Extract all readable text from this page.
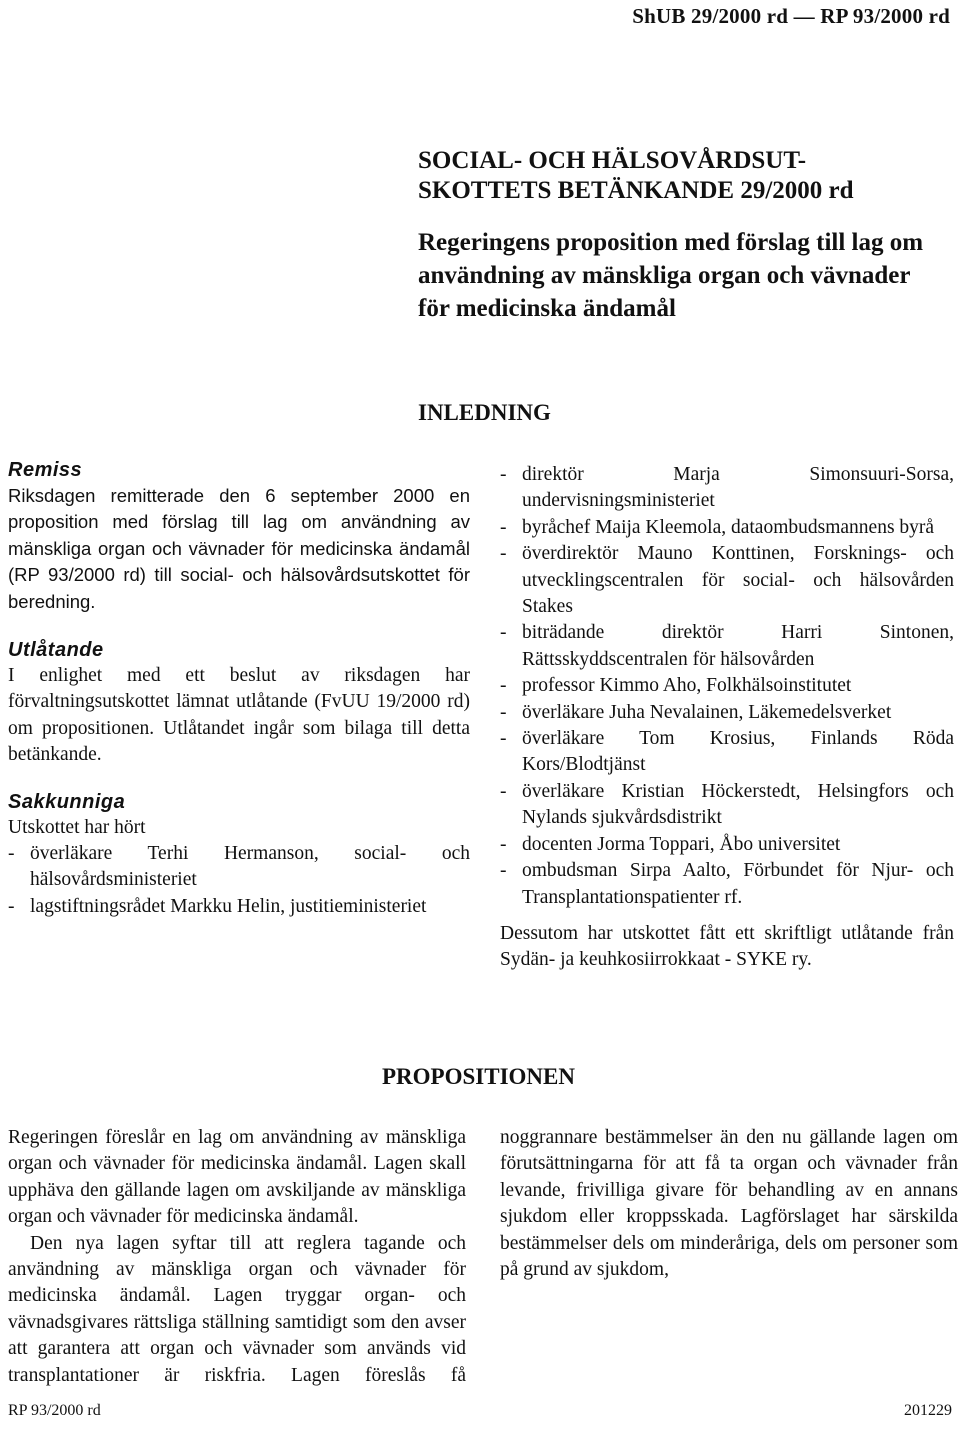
ShUB 29/2000 rd — RP 93/2000 rd
SOCIAL- OCH HÄLSOVÅRDSUT-
SKOTTETS BETÄNKANDE 29/2000 rd
Regeringens proposition med förslag till lag om
användning av mänskliga organ och vävnader
för medicinska ändamål
INLEDNING
Remiss

Riksdagen remitterade den 6 september 2000 en proposition med förslag till lag om användning av mänskliga organ och vävnader för medicinska ändamål (RP 93/2000 rd) till social- och hälsovårdsutskottet för beredning.

Utlåtande

I enlighet med ett beslut av riksdagen har förvaltningsutskottet lämnat utlåtande (FvUU 19/2000 rd) om propositionen. Utlåtandet ingår som bilaga till detta betänkande.

Sakkunniga

Utskottet har hört

- överläkare Terhi Hermanson, social- och hälsovårdsministeriet
- lagstiftningsrådet Markku Helin, justitieministeriet
- direktör Marja Simonsuuri-Sorsa, undervisningsministeriet
- byråchef Maija Kleemola, dataombudsmannens byrå
- överdirektör Mauno Konttinen, Forsknings- och utvecklingscentralen för social- och hälsovården Stakes
- biträdande direktör Harri Sintonen, Rättsskyddscentralen för hälsovården
- professor Kimmo Aho, Folkhälsoinstitutet
- överläkare Juha Nevalainen, Läkemedelsverket
- överläkare Tom Krosius, Finlands Röda Kors/Blodtjänst
- överläkare Kristian Höckerstedt, Helsingfors och Nylands sjukvårdsdistrikt
- docenten Jorma Toppari, Åbo universitet
- ombudsman Sirpa Aalto, Förbundet för Njur- och Transplantationspatienter rf.

Dessutom har utskottet fått ett skriftligt utlåtande från Sydän- ja keuhkosiirrokkaat - SYKE ry.

PROPOSITIONEN

Regeringen föreslår en lag om användning av mänskliga organ och vävnader för medicinska ändamål. Lagen skall upphäva den gällande lagen om avskiljande av mänskliga organ och vävnader för medicinska ändamål.

Den nya lagen syftar till att reglera tagande och användning av mänskliga organ och vävnader för medicinska ändamål. Lagen tryggar organ- och vävnadsgivares rättsliga ställning samtidigt som den avser att garantera att organ och vävnader som används vid transplantationer är riskfria. Lagen föreslås få noggrannare bestämmelser än den nu gällande lagen om förutsättningarna för att få ta organ och vävnader från levande, frivilliga givare för behandling av en annans sjukdom eller kroppsskada. Lagförslaget har särskilda bestämmelser dels om minderåriga, dels om personer som på grund av sjukdom,

RP 93/2000 rd	201229
